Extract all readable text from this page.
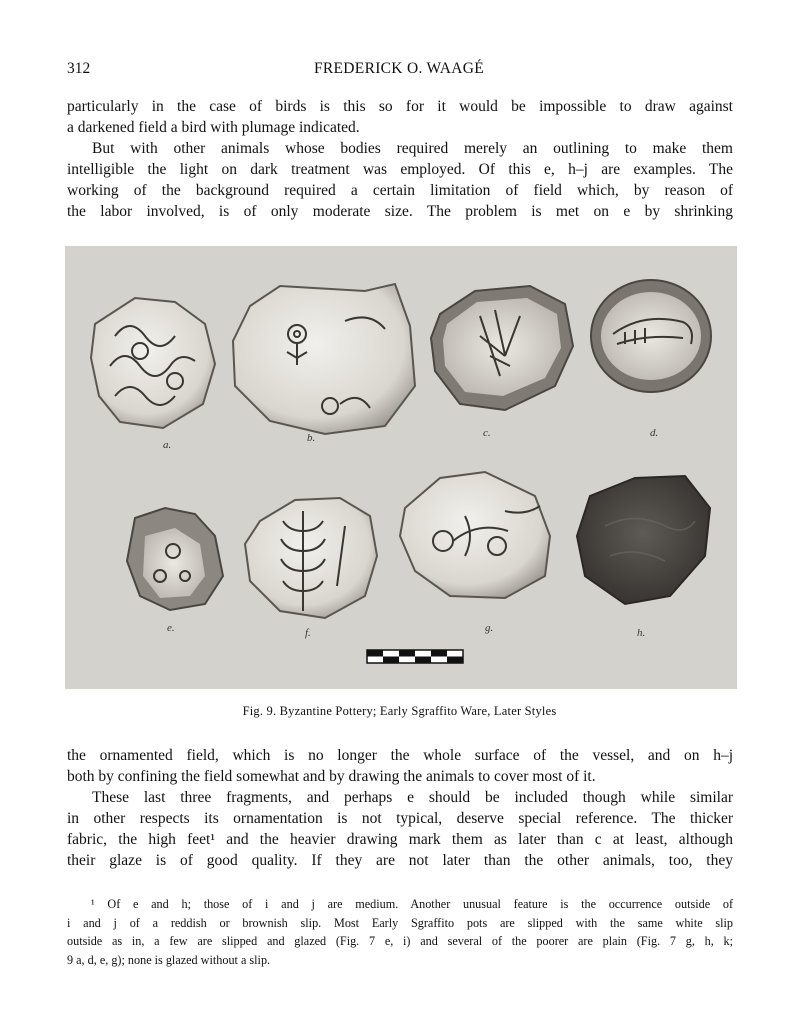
312	FREDERICK O. WAAGÉ
particularly in the case of birds is this so for it would be impossible to draw against
a darkened field a bird with plumage indicated.
But with other animals whose bodies required merely an outlining to make them
intelligible the light on dark treatment was employed. Of this e, h–j are examples. The
working of the background required a certain limitation of field which, by reason of
the labor involved, is of only moderate size. The problem is met on e by shrinking
a.
b.	c.	d.
e.	f.	g.	h.
Fig. 9. Byzantine Pottery; Early Sgraffito Ware, Later Styles
the ornamented field, which is no longer the whole surface of the vessel, and on h–j
both by confining the field somewhat and by drawing the animals to cover most of it.
These last three fragments, and perhaps e should be included though while similar
in other respects its ornamentation is not typical, deserve special reference. The thicker
fabric, the high feet¹ and the heavier drawing mark them as later than c at least, although
their glaze is of good quality. If they are not later than the other animals, too, they
¹ Of e and h; those of i and j are medium. Another unusual feature is the occurrence outside of
i and j of a reddish or brownish slip. Most Early Sgraffito pots are slipped with the same white slip
outside as in, a few are slipped and glazed (Fig. 7 e, i) and several of the poorer are plain (Fig. 7 g, h, k;
9 a, d, e, g); none is glazed without a slip.
